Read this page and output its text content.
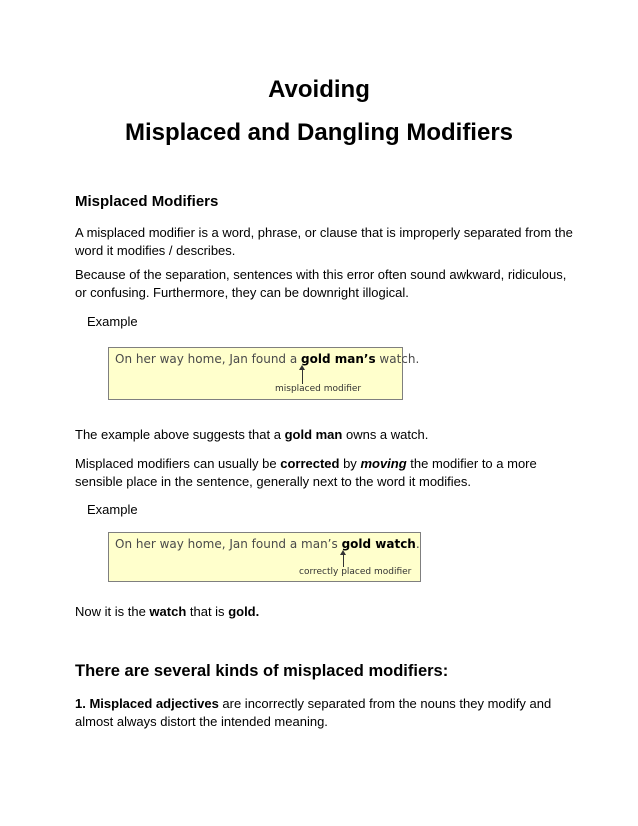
Avoiding
Misplaced and Dangling Modifiers
Misplaced Modifiers
A misplaced modifier is a word, phrase, or clause that is improperly separated from the word it modifies / describes.
Because of the separation, sentences with this error often sound awkward, ridiculous, or confusing. Furthermore, they can be downright illogical.
Example
On her way home, Jan found a gold man’s watch.
misplaced modifier
The example above suggests that a gold man owns a watch.
Misplaced modifiers can usually be corrected by moving the modifier to a more sensible place in the sentence, generally next to the word it modifies.
Example
On her way home, Jan found a man’s gold watch.
correctly placed modifier
Now it is the watch that is gold.
There are several kinds of misplaced modifiers:
1. Misplaced adjectives are incorrectly separated from the nouns they modify and almost always distort the intended meaning.
